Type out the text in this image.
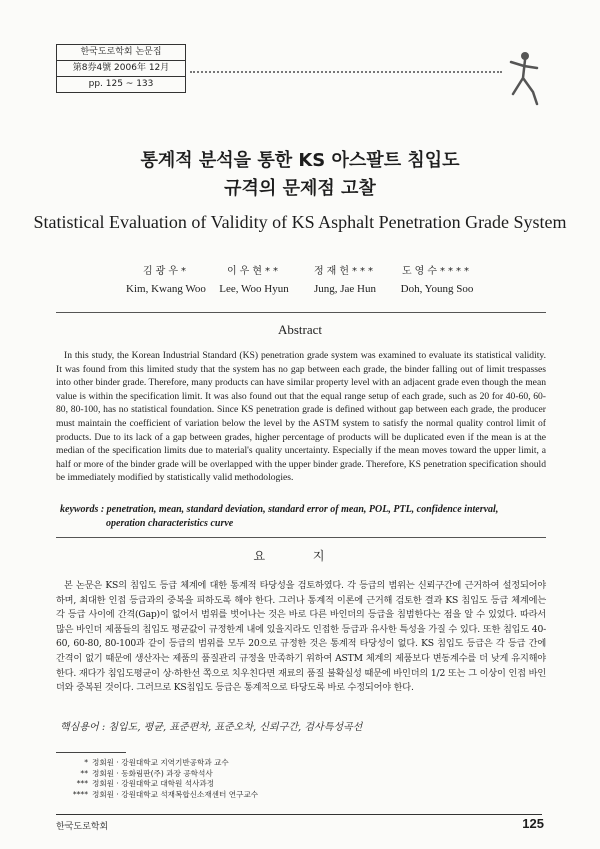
한국도로학회 논문집
第8券4號 2006年 12月
pp. 125 ~ 133
통계적 분석을 통한 KS 아스팔트 침입도
규격의 문제점 고찰
Statistical Evaluation of Validity of KS Asphalt Penetration Grade System
김광우*
Kim, Kwang Woo
이우현**
Lee, Woo Hyun
정재헌***
Jung, Jae Hun
도영수****
Doh, Young Soo
Abstract
In this study, the Korean Industrial Standard (KS) penetration grade system was examined to evaluate its statistical validity. It was found from this limited study that the system has no gap between each grade, the binder falling out of limit trespasses into other binder grade. Therefore, many products can have similar property level with an adjacent grade even though the mean value is within the specification limit. It was also found out that the equal range setup of each grade, such as 20 for 40-60, 60-80, 80-100, has no statistical foundation. Since KS penetration grade is defined without gap between each grade, the producer must maintain the coefficient of variation below the level by the ASTM system to satisfy the normal quality control limit of products. Due to its lack of a gap between grades, higher percentage of products will be duplicated even if the mean is at the median of the specification limits due to material's quality uncertainty. Especially if the mean moves toward the upper limit, a half or more of the binder grade will be overlapped with the upper binder grade. Therefore, KS penetration specification should be immediately modified by statistically valid methodologies.
keywords : penetration, mean, standard deviation, standard error of mean, POL, PTL, confidence interval,
operation characteristics curve
요 지
본 논문은 KS의 침입도 등급 체계에 대한 통계적 타당성을 검토하였다. 각 등급의 범위는 신뢰구간에 근거하여 설정되어야 하며, 최대한 인접 등급과의 중복을 피하도록 해야 한다. 그러나 통계적 이론에 근거해 검토한 결과 KS 침입도 등급 체계에는 각 등급 사이에 간격(Gap)이 없어서 범위를 벗어나는 것은 바로 다른 바인더의 등급을 침범한다는 점을 알 수 있었다. 따라서 많은 바인더 제품들의 침입도 평균값이 규정한계 내에 있을지라도 인접한 등급과 유사한 특성을 가질 수 있다. 또한 침입도 40-60, 60-80, 80-100과 같이 등급의 범위를 모두 20으로 규정한 것은 통계적 타당성이 없다. KS 침입도 등급은 각 등급 간에 간격이 없기 때문에 생산자는 제품의 품질관리 규정을 만족하기 위하여 ASTM 체계의 제품보다 변동계수를 더 낮게 유지해야 한다. 재다가 침입도평균이 상·하한선 쪽으로 치우친다면 재료의 품질 불확실성 때문에 바인더의 1/2 또는 그 이상이 인접 바인더와 중복된 것이다. 그러므로 KS침입도 등급은 통계적으로 타당도록 바로 수정되어야 한다.
핵심용어 : 침입도, 평균, 표준편차, 표준오차, 신뢰구간, 검사특성곡선
* 정회원 · 강원대학교 지역기반공학과 교수
** 정회원 · 동화림판(주) 과장 공학석사
*** 정회원 · 강원대학교 대학원 석사과정
**** 정회원 · 강원대학교 석재복합신소재센터 연구교수
한국도로학회	125
